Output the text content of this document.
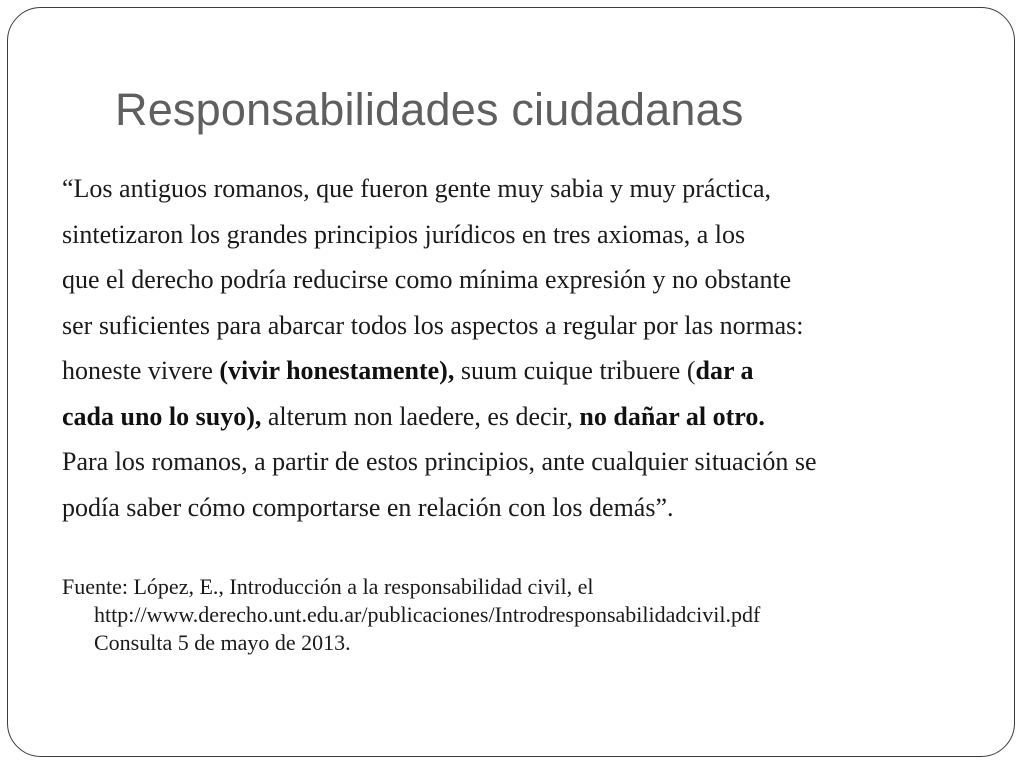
Responsabilidades ciudadanas

“Los antiguos romanos, que fueron gente muy sabia y muy práctica,
sintetizaron los grandes principios jurídicos en tres axiomas, a los
que el derecho podría reducirse como mínima expresión y no obstante
ser suficientes para abarcar todos los aspectos a regular por las normas:
honeste vivere (vivir honestamente), suum cuique tribuere (dar a
cada uno lo suyo), alterum non laedere, es decir, no dañar al otro.
Para los romanos, a partir de estos principios, ante cualquier situación se
podía saber cómo comportarse en relación con los demás”.

Fuente: López, E., Introducción a la responsabilidad civil, el
http://www.derecho.unt.edu.ar/publicaciones/Introdresponsabilidadcivil.pdf
Consulta 5 de mayo de 2013.
